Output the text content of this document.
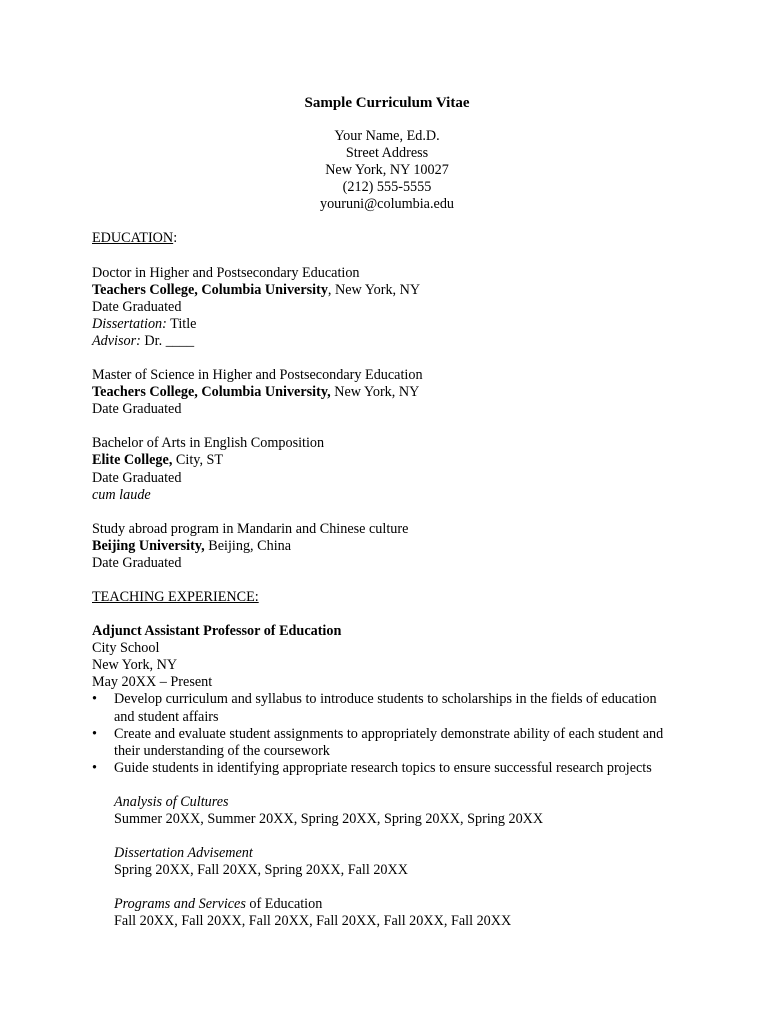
Sample Curriculum Vitae
Your Name, Ed.D.
Street Address
New York, NY 10027
(212) 555-5555
youruni@columbia.edu
EDUCATION:
Doctor in Higher and Postsecondary Education
Teachers College, Columbia University, New York, NY
Date Graduated
Dissertation: Title
Advisor: Dr. ____
Master of Science in Higher and Postsecondary Education
Teachers College, Columbia University, New York, NY
Date Graduated
Bachelor of Arts in English Composition
Elite College, City, ST
Date Graduated
cum laude
Study abroad program in Mandarin and Chinese culture
Beijing University, Beijing, China
Date Graduated
TEACHING EXPERIENCE:
Adjunct Assistant Professor of Education
City School
New York, NY
May 20XX – Present
• Develop curriculum and syllabus to introduce students to scholarships in the fields of education and student affairs
• Create and evaluate student assignments to appropriately demonstrate ability of each student and their understanding of the coursework
• Guide students in identifying appropriate research topics to ensure successful research projects
Analysis of Cultures
Summer 20XX, Summer 20XX, Spring 20XX, Spring 20XX, Spring 20XX
Dissertation Advisement
Spring 20XX, Fall 20XX, Spring 20XX, Fall 20XX
Programs and Services of Education
Fall 20XX, Fall 20XX, Fall 20XX, Fall 20XX, Fall 20XX, Fall 20XX
